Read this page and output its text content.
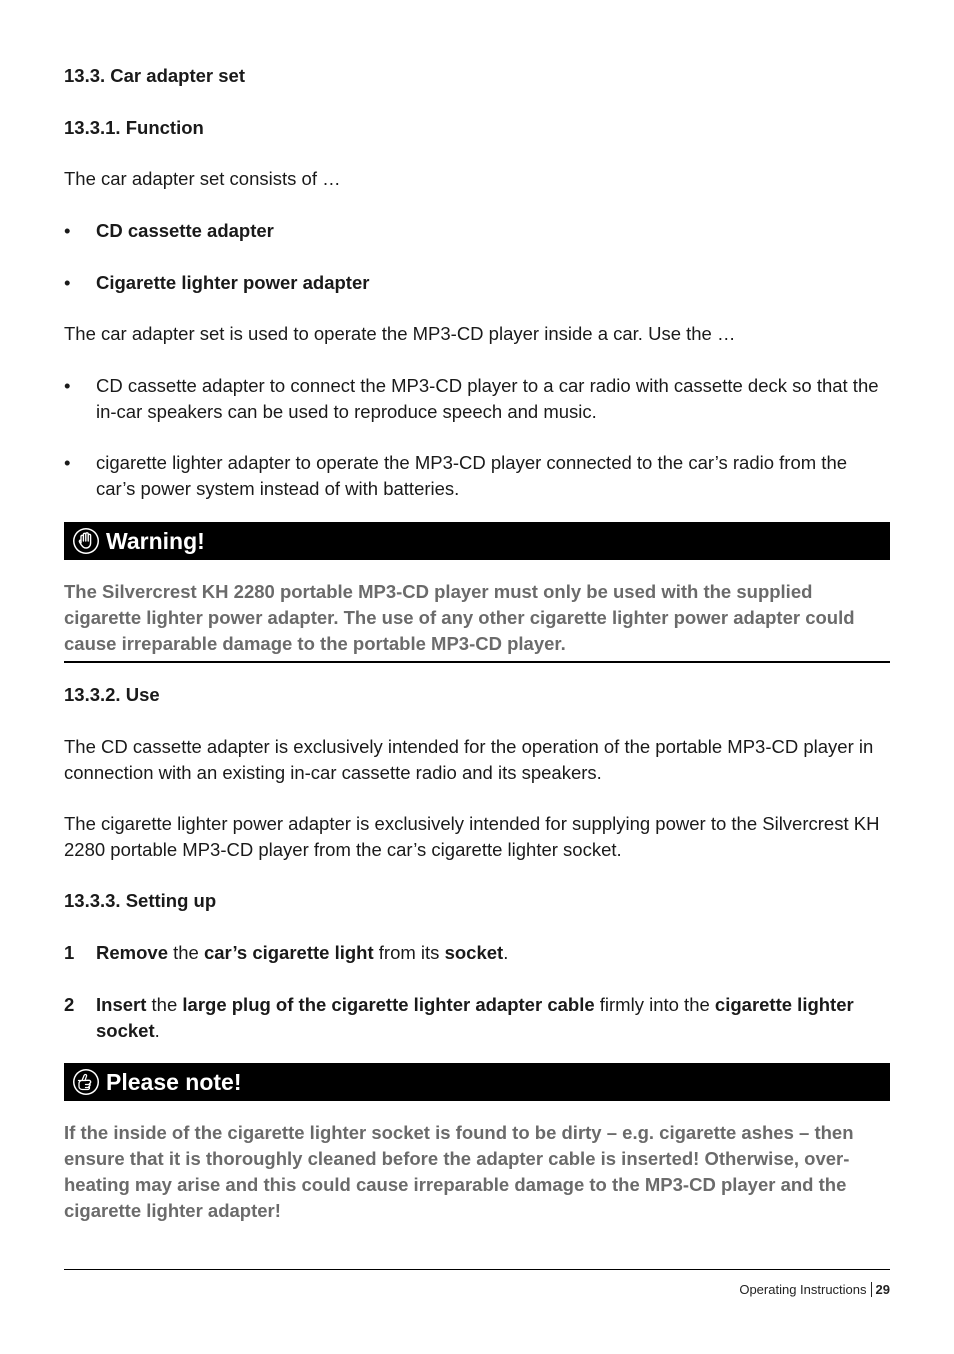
13.3. Car adapter set
13.3.1. Function
The car adapter set consists of …
• CD cassette adapter
• Cigarette lighter power adapter
The car adapter set is used to operate the MP3-CD player inside a car. Use the …
• CD cassette adapter to connect the MP3-CD player to a car radio with cassette deck so that the in-car speakers can be used to reproduce speech and music.
• cigarette lighter adapter to operate the MP3-CD player connected to the car’s radio from the car’s power system instead of with batteries.
Warning!
The Silvercrest KH 2280 portable MP3-CD player must only be used with the supplied cigarette lighter power adapter. The use of any other cigarette lighter power adapter could cause irreparable damage to the portable MP3-CD player.
13.3.2. Use
The CD cassette adapter is exclusively intended for the operation of the portable MP3-CD player in connection with an existing in-car cassette radio and its speakers.
The cigarette lighter power adapter is exclusively intended for supplying power to the Silvercrest KH 2280 portable MP3-CD player from the car’s cigarette lighter socket.
13.3.3. Setting up
1 Remove the car’s cigarette light from its socket.
2 Insert the large plug of the cigarette lighter adapter cable firmly into the cigarette lighter socket.
Please note!
If the inside of the cigarette lighter socket is found to be dirty – e.g. cigarette ashes – then ensure that it is thoroughly cleaned before the adapter cable is inserted! Otherwise, over-heating may arise and this could cause irreparable damage to the MP3-CD player and the cigarette lighter adapter!
Operating Instructions 29
